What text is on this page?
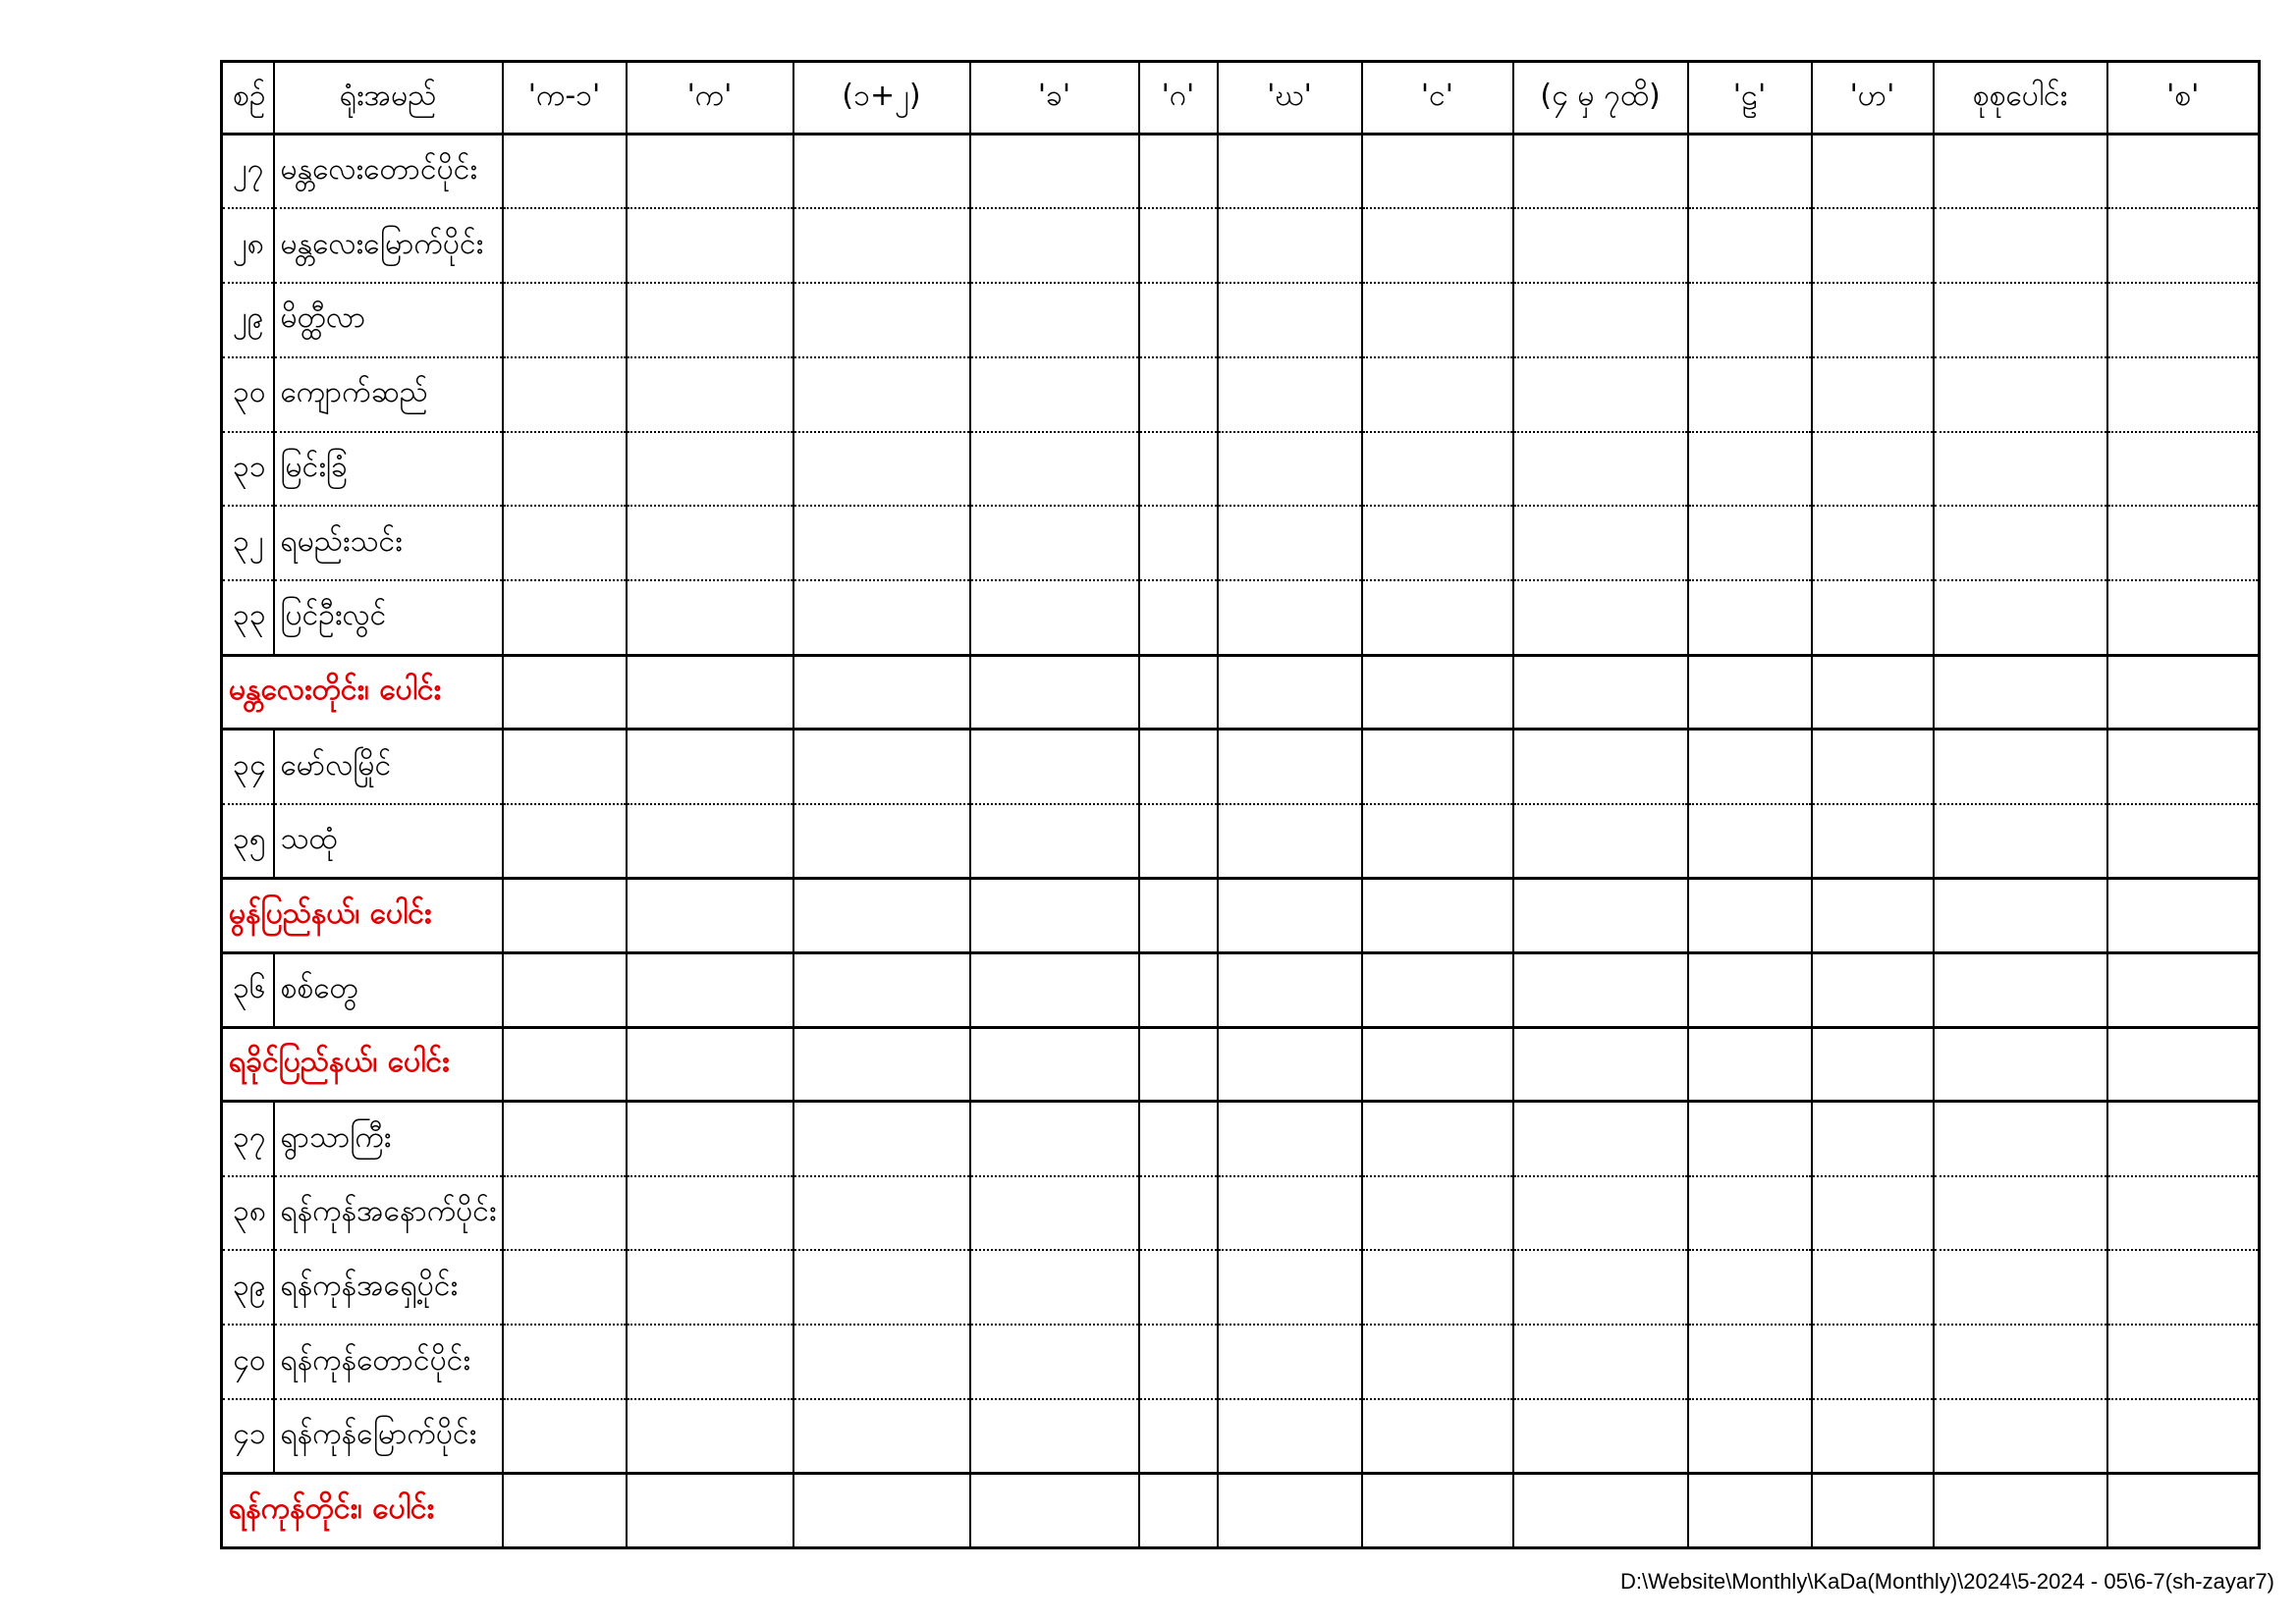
စဉ်	ရုံးအမည်	'က-၁'	'က'	(၁+၂)	'ခ'	'ဂ'	'ဃ'	'င'	(၄ မှ ၇ထိ)	'ဠ'	'ဟ'	စုစုပေါင်း	'စ'
၂၇	မန္တလေးတောင်ပိုင်း												
၂၈	မန္တလေးမြောက်ပိုင်း												
၂၉	မိတ္ထီလာ												
၃၀	ကျောက်ဆည်												
၃၁	မြင်းခြံ												
၃၂	ရမည်းသင်း												
၃၃	ပြင်ဦးလွင်												
မန္တလေးတိုင်း၊ ပေါင်း													
၃၄	မော်လမြိုင်												
၃၅	သထုံ												
မွန်ပြည်နယ်၊ ပေါင်း													
၃၆	စစ်တွေ												
ရခိုင်ပြည်နယ်၊ ပေါင်း													
၃၇	ရွာသာကြီး												
၃၈	ရန်ကုန်အနောက်ပိုင်း												
၃၉	ရန်ကုန်အရှေ့ပိုင်း												
၄၀	ရန်ကုန်တောင်ပိုင်း												
၄၁	ရန်ကုန်မြောက်ပိုင်း												
ရန်ကုန်တိုင်း၊ ပေါင်း													
D:\Website\Monthly\KaDa(Monthly)\2024\5-2024 - 05\6-7(sh-zayar7)
